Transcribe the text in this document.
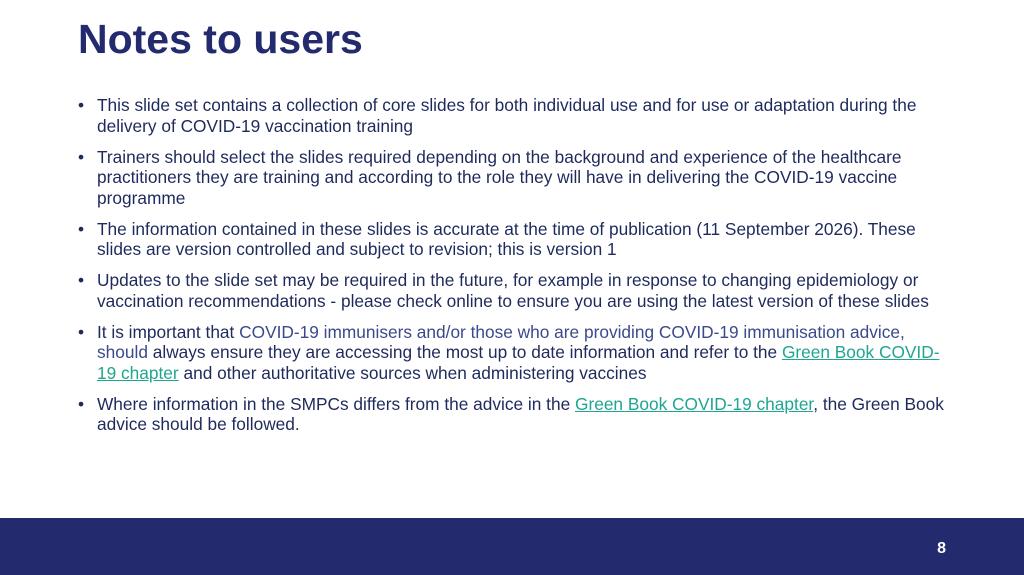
Notes to users
• This slide set contains a collection of core slides for both individual use and for use or adaptation during the delivery of COVID-19 vaccination training
• Trainers should select the slides required depending on the background and experience of the healthcare practitioners they are training and according to the role they will have in delivering the COVID-19 vaccine programme
• The information contained in these slides is accurate at the time of publication (11 September 2026). These slides are version controlled and subject to revision; this is version 1
• Updates to the slide set may be required in the future, for example in response to changing epidemiology or vaccination recommendations - please check online to ensure you are using the latest version of these slides
• It is important that COVID-19 immunisers and/or those who are providing COVID-19 immunisation advice, should always ensure they are accessing the most up to date information and refer to the Green Book COVID-19 chapter and other authoritative sources when administering vaccines
• Where information in the SMPCs differs from the advice in the Green Book COVID-19 chapter, the Green Book advice should be followed.
8
